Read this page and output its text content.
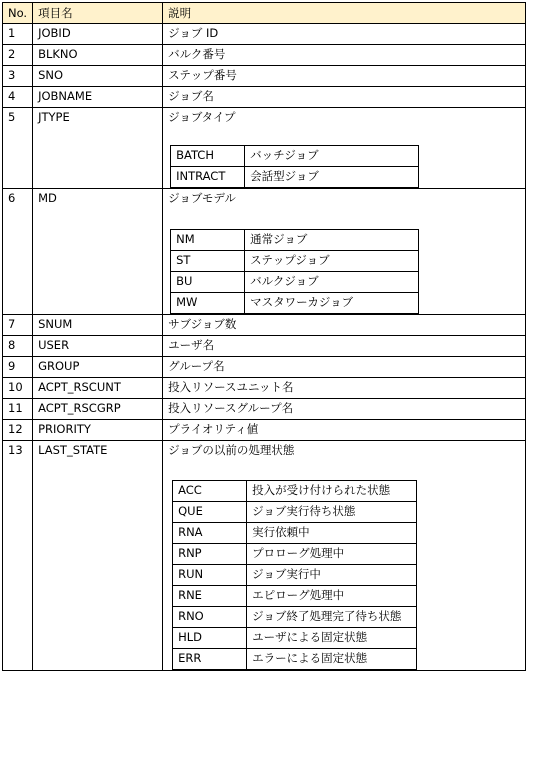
No.	項目名	説明
1	JOBID	ジョブ ID
2	BLKNO	バルク番号
3	SNO	ステップ番号
4	JOBNAME	ジョブ名
5	JTYPE	ジョブタイプ
BATCH	バッチジョブ
INTRACT	会話型ジョブ

6	MD	ジョブモデル
NM	通常ジョブ
ST	ステップジョブ
BU	バルクジョブ
MW	マスタワーカジョブ

7	SNUM	サブジョブ数
8	USER	ユーザ名
9	GROUP	グループ名
10	ACPT_RSCUNT	投入リソースユニット名
11	ACPT_RSCGRP	投入リソースグループ名
12	PRIORITY	プライオリティ値
13	LAST_STATE	ジョブの以前の処理状態
ACC	投入が受け付けられた状態
QUE	ジョブ実行待ち状態
RNA	実行依頼中
RNP	プロローグ処理中
RUN	ジョブ実行中
RNE	エピローグ処理中
RNO	ジョブ終了処理完了待ち状態
HLD	ユーザによる固定状態
ERR	エラーによる固定状態
